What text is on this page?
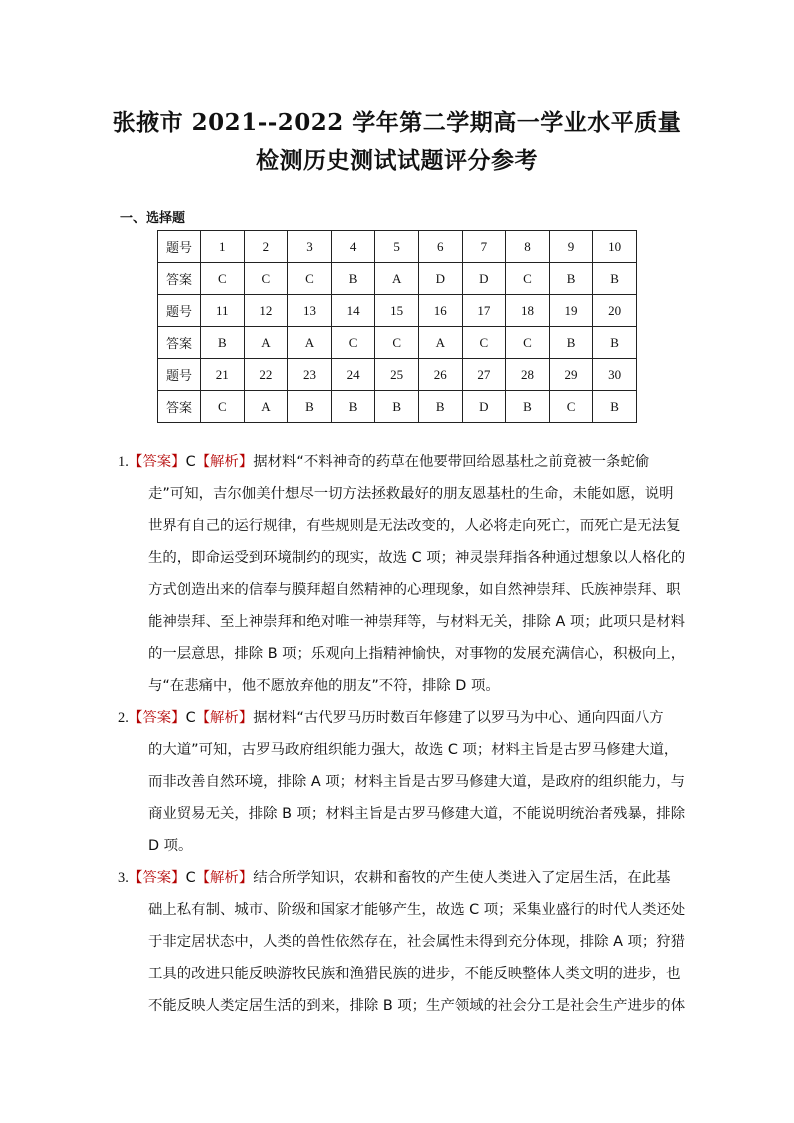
张掖市 2021--2022 学年第二学期高一学业水平质量
检测历史测试试题评分参考
一、选择题
题号	1	2	3	4	5	6	7	8	9	10
答案	C	C	C	B	A	D	D	C	B	B
题号	11	12	13	14	15	16	17	18	19	20
答案	B	A	A	C	C	A	C	C	B	B
题号	21	22	23	24	25	26	27	28	29	30
答案	C	A	B	B	B	B	D	B	C	B
1.【答案】C【解析】据材料“不料神奇的药草在他要带回给恩基杜之前竟被一条蛇偷
走”可知，吉尔伽美什想尽一切方法拯救最好的朋友恩基杜的生命，未能如愿，说明
世界有自己的运行规律，有些规则是无法改变的，人必将走向死亡，而死亡是无法复
生的，即命运受到环境制约的现实，故选 C 项；神灵崇拜指各种通过想象以人格化的
方式创造出来的信奉与膜拜超自然精神的心理现象，如自然神崇拜、氏族神崇拜、职
能神崇拜、至上神崇拜和绝对唯一神崇拜等，与材料无关，排除 A 项；此项只是材料
的一层意思，排除 B 项；乐观向上指精神愉快，对事物的发展充满信心，积极向上，
与“在悲痛中，他不愿放弃他的朋友”不符，排除 D 项。
2.【答案】C【解析】据材料“古代罗马历时数百年修建了以罗马为中心、通向四面八方
的大道”可知，古罗马政府组织能力强大，故选 C 项；材料主旨是古罗马修建大道，
而非改善自然环境，排除 A 项；材料主旨是古罗马修建大道，是政府的组织能力，与
商业贸易无关，排除 B 项；材料主旨是古罗马修建大道，不能说明统治者残暴，排除
D 项。
3.【答案】C【解析】结合所学知识，农耕和畜牧的产生使人类进入了定居生活，在此基
础上私有制、城市、阶级和国家才能够产生，故选 C 项；采集业盛行的时代人类还处
于非定居状态中，人类的兽性依然存在，社会属性未得到充分体现，排除 A 项；狩猎
工具的改进只能反映游牧民族和渔猎民族的进步，不能反映整体人类文明的进步，也
不能反映人类定居生活的到来，排除 B 项；生产领域的社会分工是社会生产进步的体
